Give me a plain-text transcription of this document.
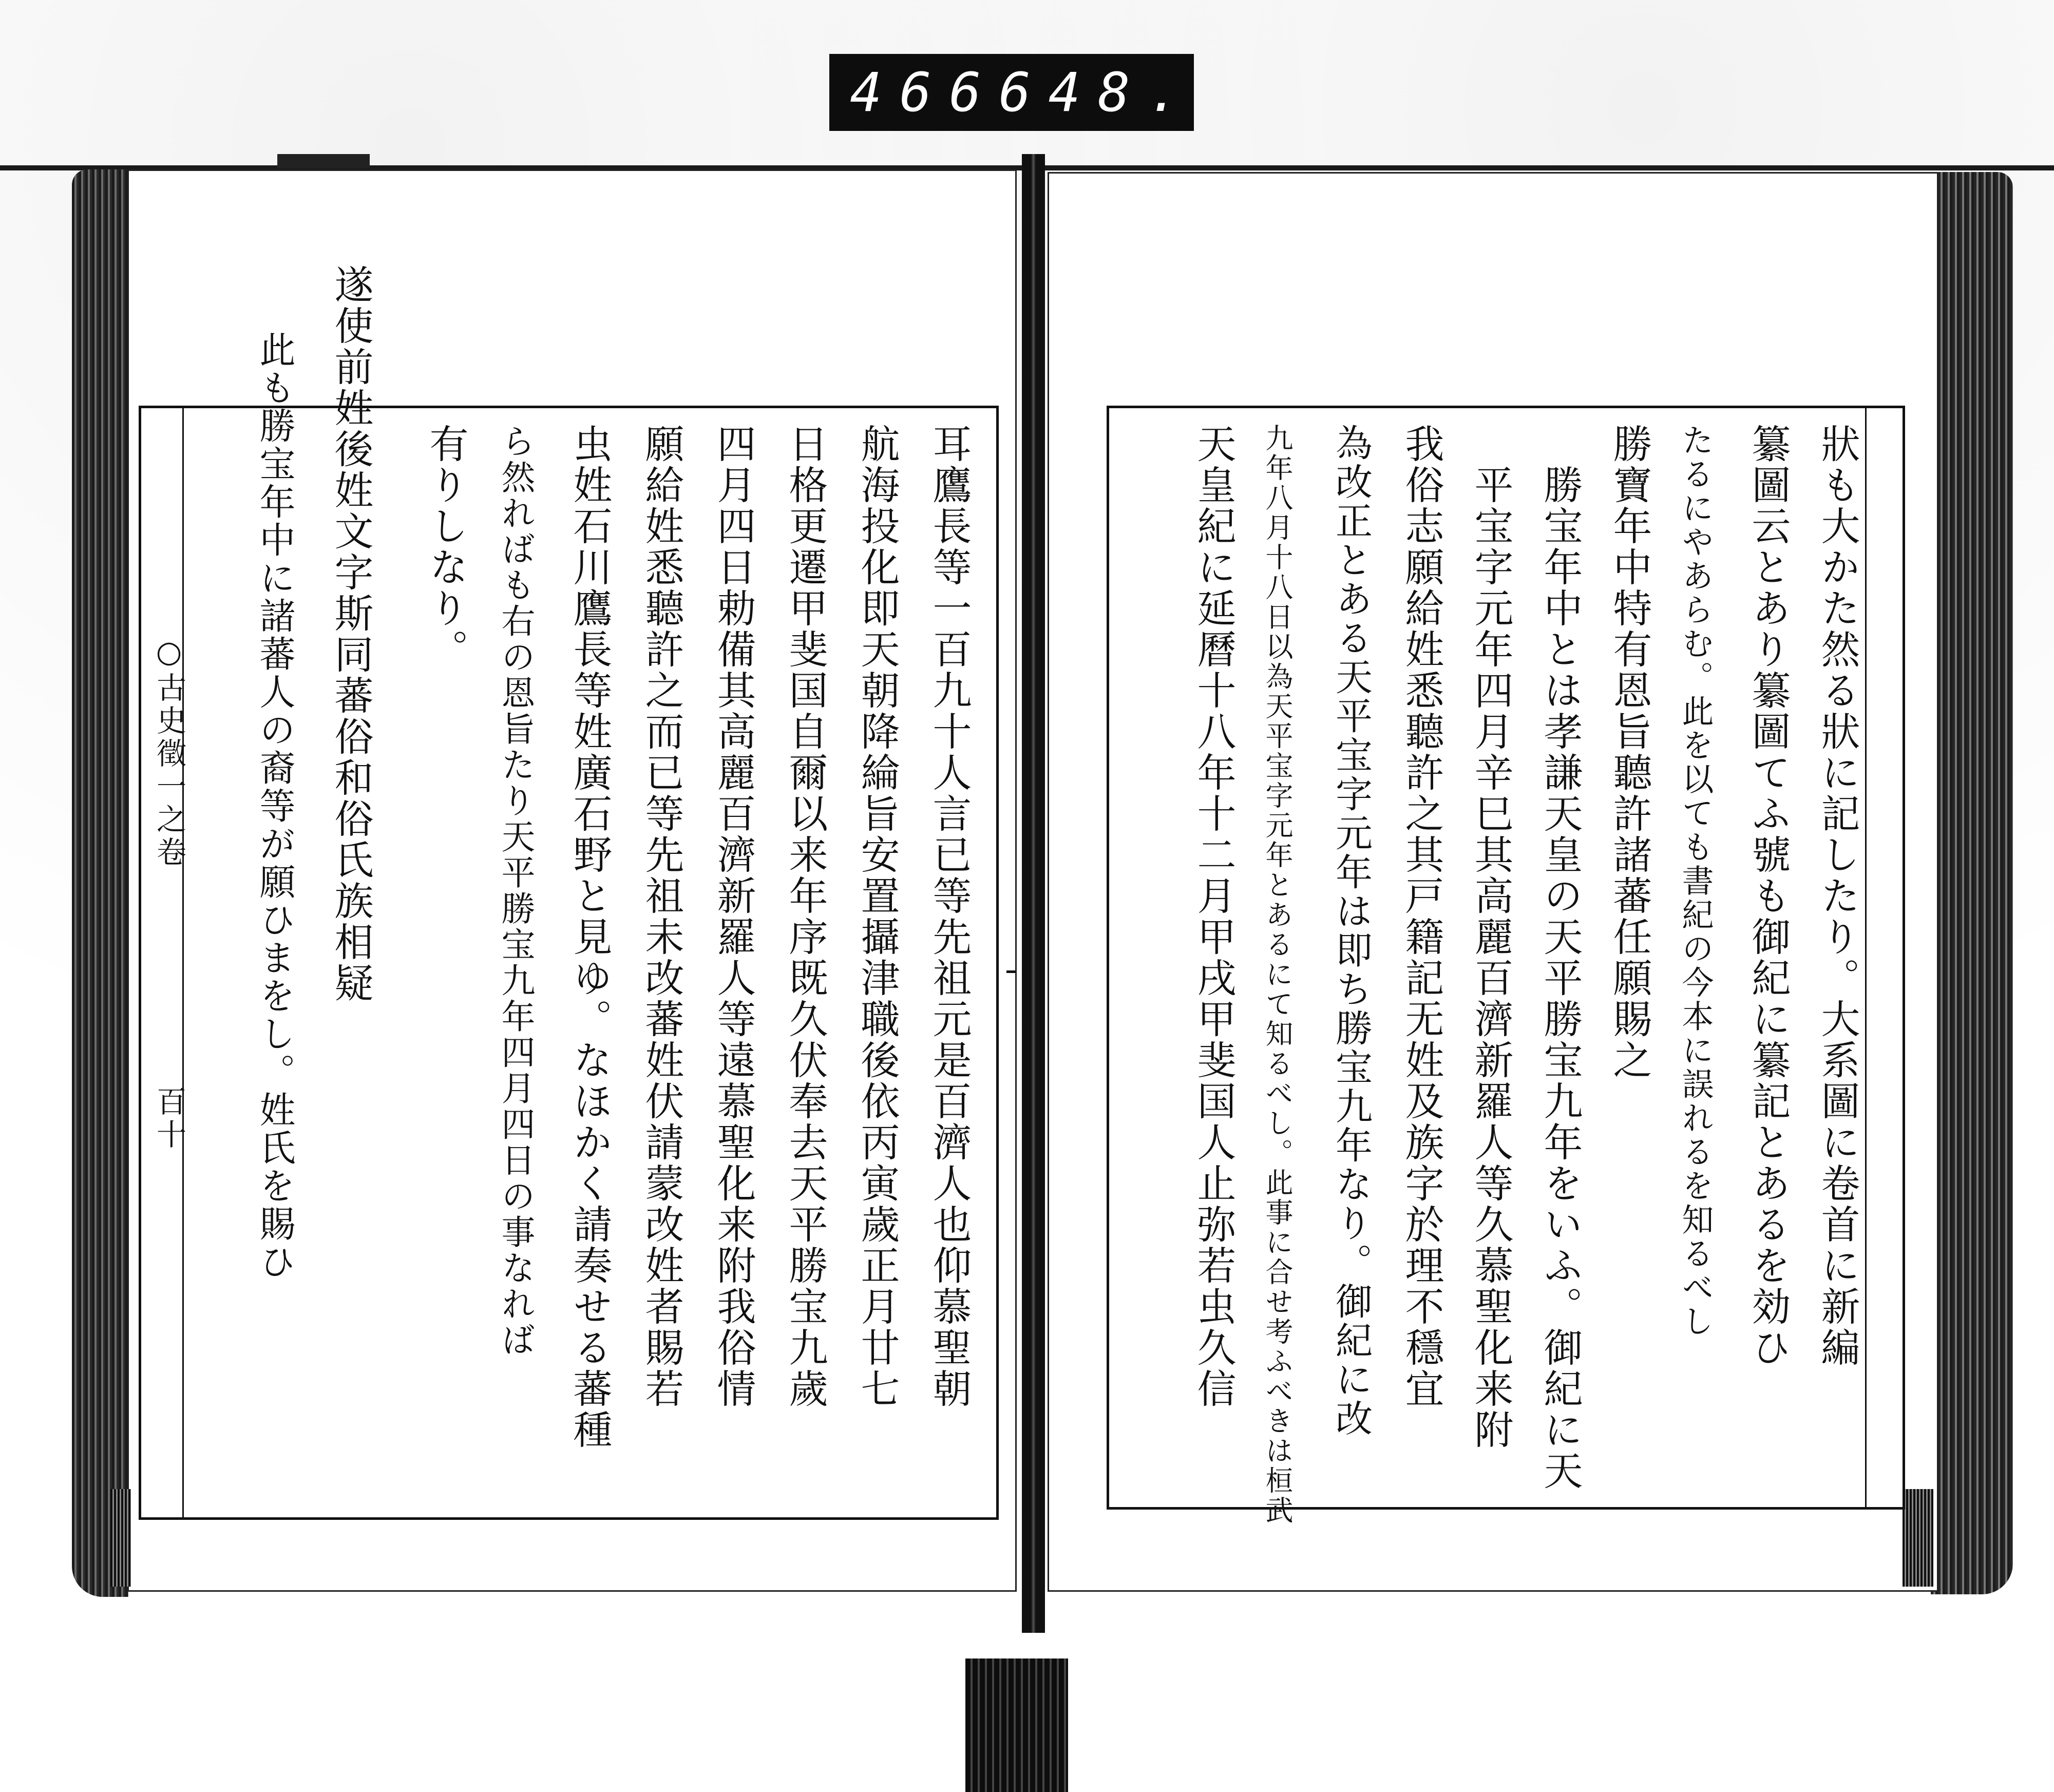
466 648.
○古史徵一之卷
百十	耳鷹長等一百九十人言已等先祖元是百濟人也仰慕聖朝
航海投化即天朝降綸旨安置攝津職後依丙寅歲正月廿七
日格更遷甲斐国自爾以来年序既久伏奉去天平勝宝九歲
四月四日勅備其高麗百濟新羅人等遠慕聖化来附我俗情
願給姓悉聽許之而已等先祖未改蕃姓伏請蒙改姓者賜若
虫姓石川鷹長等姓廣石野と見ゆ。なほかく請奏せる蕃種
ら然ればも右の恩旨たり天平勝宝九年四月四日の事なれば
有りしなり。
遂使前姓後姓文字斯同蕃俗和俗氏族相疑
此も勝宝年中に諸蕃人の裔等が願ひまをし。姓氏を賜ひ	狀も大かた然る狀に記したり。大系圖に卷首に新編
纂圖云とあり纂圖てふ號も御紀に纂記とあるを効ひ
たるにやあらむ。此を以ても書紀の今本に誤れるを知るべし
勝寶年中特有恩旨聽許諸蕃任願賜之
勝宝年中とは孝謙天皇の天平勝宝九年をいふ。御紀に天
平宝字元年四月辛巳其高麗百濟新羅人等久慕聖化来附
我俗志願給姓悉聽許之其戸籍記无姓及族字於理不穩宜
為改正とある天平宝字元年は即ち勝宝九年なり。御紀に改
九年八月十八日以為天平宝字元年とあるにて知るべし。此事に合せ考ふべきは桓武
天皇紀に延曆十八年十二月甲戌甲斐国人止弥若虫久信
